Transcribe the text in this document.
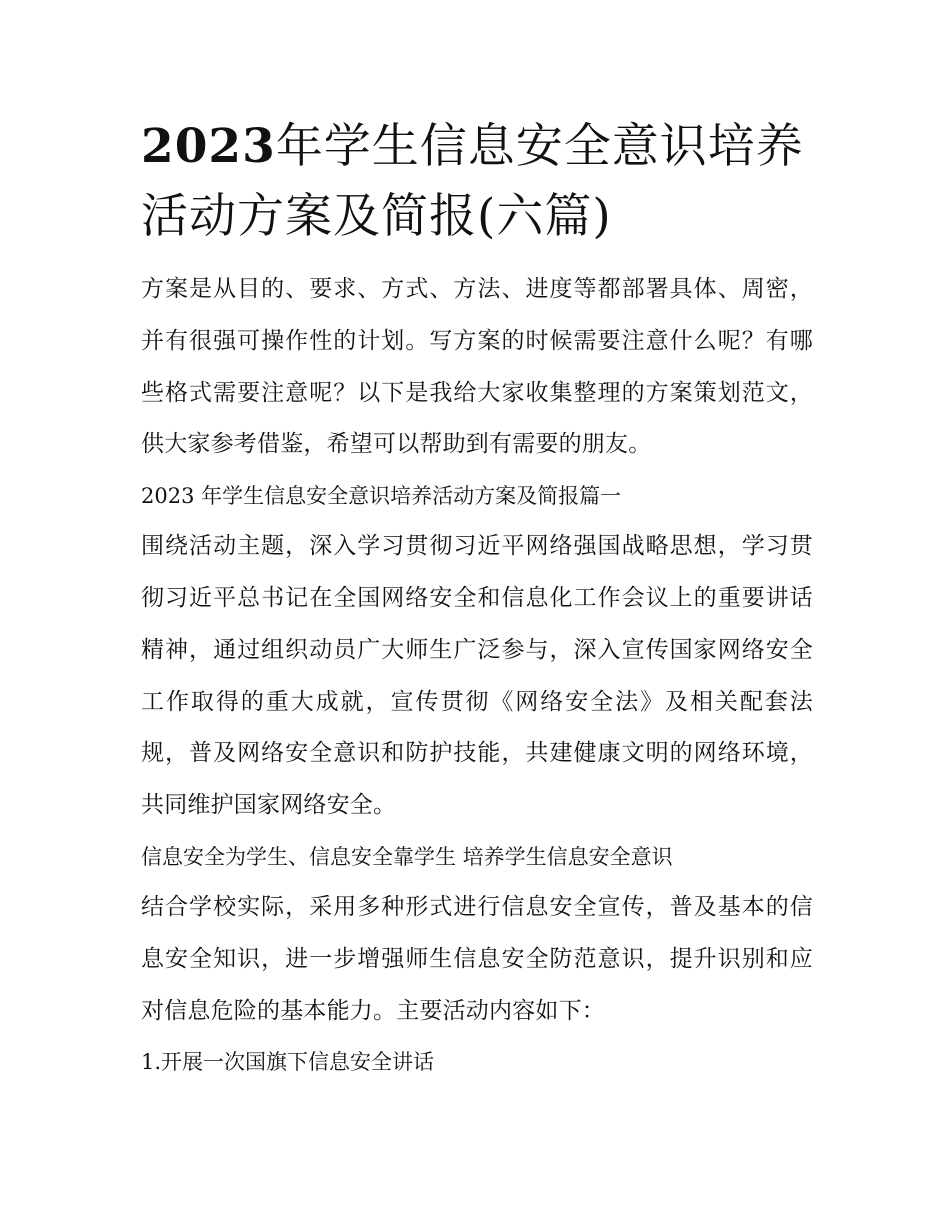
2023年学生信息安全意识培养活动方案及简报(六篇)

方案是从目的、要求、方式、方法、进度等都部署具体、周密，并有很强可操作性的计划。写方案的时候需要注意什么呢？有哪些格式需要注意呢？以下是我给大家收集整理的方案策划范文，供大家参考借鉴，希望可以帮助到有需要的朋友。

2023 年学生信息安全意识培养活动方案及简报篇一

围绕活动主题，深入学习贯彻习近平网络强国战略思想，学习贯彻习近平总书记在全国网络安全和信息化工作会议上的重要讲话精神，通过组织动员广大师生广泛参与，深入宣传国家网络安全工作取得的重大成就，宣传贯彻《网络安全法》及相关配套法规，普及网络安全意识和防护技能，共建健康文明的网络环境，共同维护国家网络安全。

信息安全为学生、信息安全靠学生 培养学生信息安全意识

结合学校实际，采用多种形式进行信息安全宣传，普及基本的信息安全知识，进一步增强师生信息安全防范意识，提升识别和应对信息危险的基本能力。主要活动内容如下：

1.开展一次国旗下信息安全讲话
